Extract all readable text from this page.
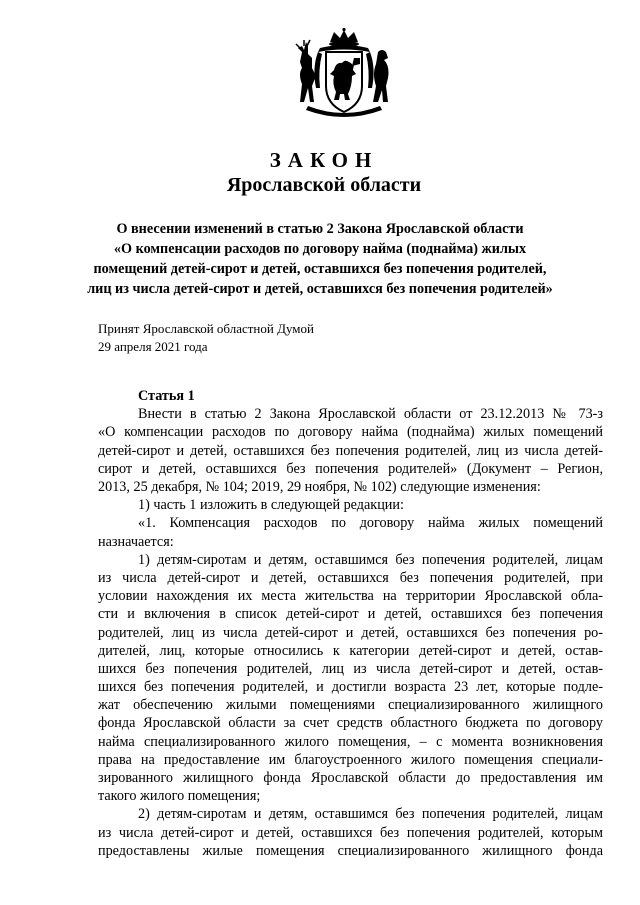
ЗАКОН
Ярославской области
О внесении изменений в статью 2 Закона Ярославской области
«О компенсации расходов по договору найма (поднайма) жилых
помещений детей-сирот и детей, оставшихся без попечения родителей,
лиц из числа детей-сирот и детей, оставшихся без попечения родителей»
Принят Ярославской областной Думой
29 апреля 2021 года
Статья 1
Внести в статью 2 Закона Ярославской области от 23.12.2013 № 73-з
«О компенсации расходов по договору найма (поднайма) жилых помещений
детей-сирот и детей, оставшихся без попечения родителей, лиц из числа детей-
сирот и детей, оставшихся без попечения родителей» (Документ – Регион,
2013, 25 декабря, № 104; 2019, 29 ноября, № 102) следующие изменения:
1) часть 1 изложить в следующей редакции:
«1. Компенсация расходов по договору найма жилых помещений
назначается:
1) детям-сиротам и детям, оставшимся без попечения родителей, лицам
из числа детей-сирот и детей, оставшихся без попечения родителей, при
условии нахождения их места жительства на территории Ярославской обла-
сти и включения в список детей-сирот и детей, оставшихся без попечения
родителей, лиц из числа детей-сирот и детей, оставшихся без попечения ро-
дителей, лиц, которые относились к категории детей-сирот и детей, остав-
шихся без попечения родителей, лиц из числа детей-сирот и детей, остав-
шихся без попечения родителей, и достигли возраста 23 лет, которые подле-
жат обеспечению жилыми помещениями специализированного жилищного
фонда Ярославской области за счет средств областного бюджета по договору
найма специализированного жилого помещения, – с момента возникновения
права на предоставление им благоустроенного жилого помещения специали-
зированного жилищного фонда Ярославской области до предоставления им
такого жилого помещения;
2) детям-сиротам и детям, оставшимся без попечения родителей, лицам
из числа детей-сирот и детей, оставшихся без попечения родителей, которым
предоставлены жилые помещения специализированного жилищного фонда
